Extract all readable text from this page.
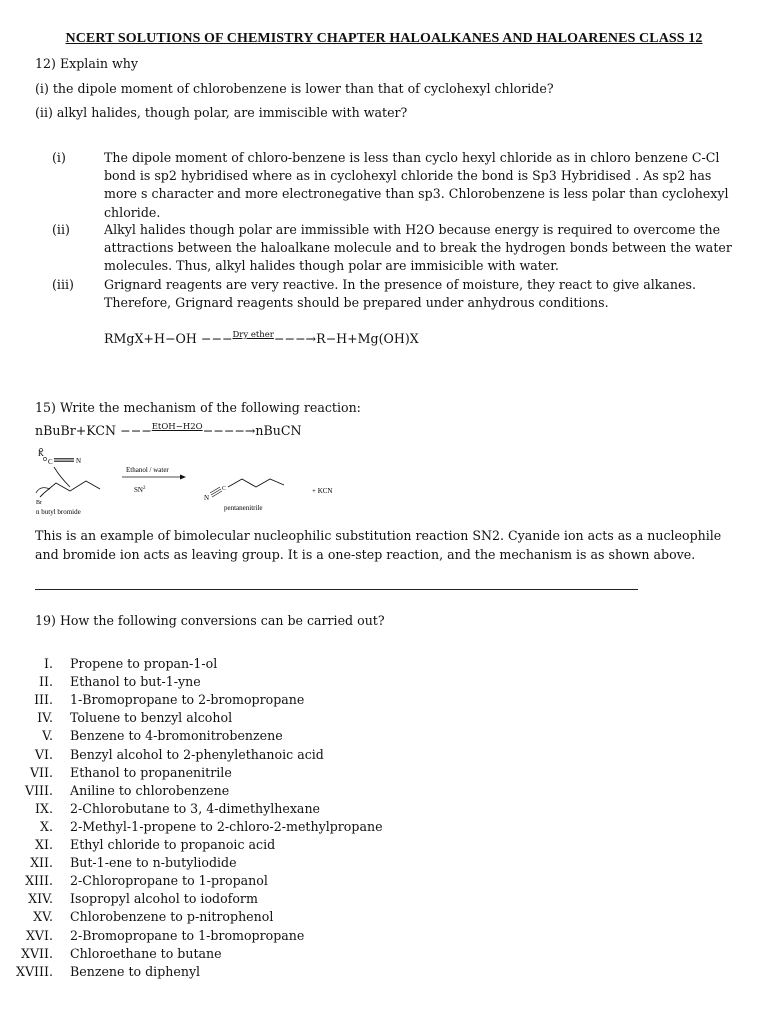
NCERT SOLUTIONS OF CHEMISTRY CHAPTER HALOALKANES AND HALOARENES CLASS 12
12) Explain why
(i) the dipole moment of chlorobenzene is lower than that of cyclohexyl chloride?
(ii) alkyl halides, though polar, are immiscible with water?
(i)	The dipole moment of chloro-benzene is less than cyclo hexyl chloride as in chloro benzene C-Cl bond is sp2 hybridised where as in cyclohexyl chloride the bond is Sp3 Hybridised . As sp2 has more s character and more electronegative than sp3. Chlorobenzene is less polar than cyclohexyl chloride.
(ii)	Alkyl halides though polar are immissible with H2O because energy is required to overcome the attractions between the haloalkane molecule and to break the hydrogen bonds between the water molecules. Thus, alkyl halides though polar are immisicible with water.
(iii)	Grignard reagents are very reactive. In the presence of moisture, they react to give alkanes. Therefore, Grignard reagents should be prepared under anhydrous conditions.
RMgX+H−OH −−−$^{Dry ether}$−−−→R−H+Mg(OH)X
15) Write the mechanism of the following reaction:
nBuBr+KCN −−−$^{EtOH-H2O}$−−−−→nBuCN
K
C	N
Br
n butyl bromide
Ethanol / water
$SN^2$
N
C
pentanenitrile
+ KCN
This is an example of bimolecular nucleophilic substitution reaction SN2. Cyanide ion acts as a nucleophile and bromide ion acts as leaving group. It is a one-step reaction, and the mechanism is as shown above.
19) How the following conversions can be carried out?
I. Propene to propan-1-ol
II. Ethanol to but-1-yne
III. 1-Bromopropane to 2-bromopropane
IV. Toluene to benzyl alcohol
V. Benzene to 4-bromonitrobenzene
VI. Benzyl alcohol to 2-phenylethanoic acid
VII. Ethanol to propanenitrile
VIII. Aniline to chlorobenzene
IX. 2-Chlorobutane to 3, 4-dimethylhexane
X. 2-Methyl-1-propene to 2-chloro-2-methylpropane
XI. Ethyl chloride to propanoic acid
XII. But-1-ene to n-butyliodide
XIII. 2-Chloropropane to 1-propanol
XIV. Isopropyl alcohol to iodoform
XV. Chlorobenzene to p-nitrophenol
XVI. 2-Bromopropane to 1-bromopropane
XVII. Chloroethane to butane
XVIII. Benzene to diphenyl
